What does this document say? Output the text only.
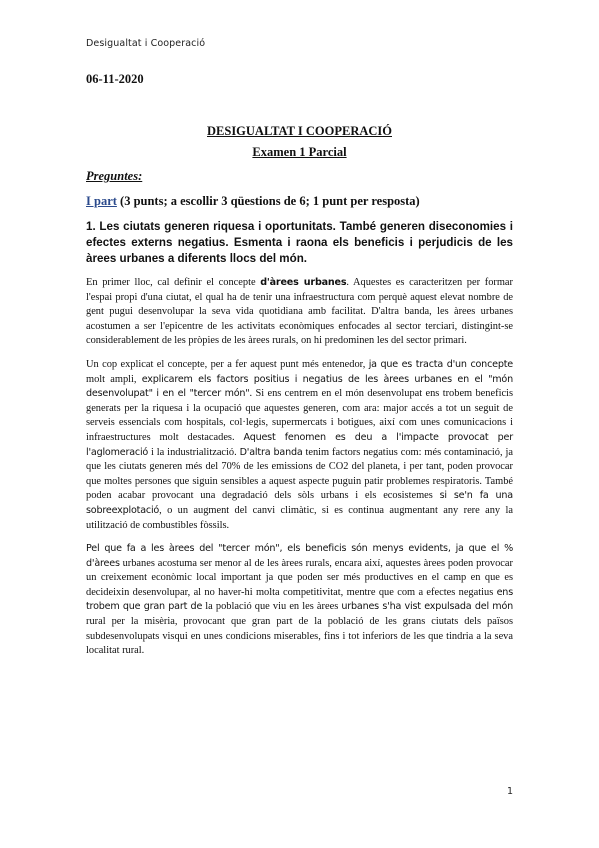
Desigualtat i Cooperació

06-11-2020

DESIGUALTAT I COOPERACIÓ
Examen 1 Parcial
Preguntes:
I part (3 punts; a escollir 3 qüestions de 6; 1 punt per resposta)
1. Les ciutats generen riquesa i oportunitats. També generen diseconomies i efectes externs negatius. Esmenta i raona els beneficis i perjudicis de les àrees urbanes a diferents llocs del món.
En primer lloc, cal definir el concepte d'àrees urbanes. Aquestes es caracteritzen per formar l'espai propi d'una ciutat, el qual ha de tenir una infraestructura com perquè aquest elevat nombre de gent pugui desenvolupar la seva vida quotidiana amb facilitat. D'altra banda, les àrees urbanes acostumen a ser l'epicentre de les activitats econòmiques enfocades al sector terciari, distingint-se considerablement de les pròpies de les àrees rurals, on hi predominen les del sector primari.
Un cop explicat el concepte, per a fer aquest punt més entenedor, ja que es tracta d'un concepte molt ampli, explicarem els factors positius i negatius de les àrees urbanes en el "món desenvolupat" i en el "tercer món". Si ens centrem en el món desenvolupat ens trobem beneficis generats per la riquesa i la ocupació que aquestes generen, com ara: major accés a tot un seguit de serveis essencials com hospitals, col·legis, supermercats i botigues, així com unes comunicacions i infraestructures molt destacades. Aquest fenomen es deu a l'impacte provocat per l'aglomeració i la industrialització. D'altra banda tenim factors negatius com: més contaminació, ja que les ciutats generen més del 70% de les emissions de CO2 del planeta, i per tant, poden provocar que moltes persones que siguin sensibles a aquest aspecte puguin patir problemes respiratoris. També poden acabar provocant una degradació dels sòls urbans i els ecosistemes si se'n fa una sobreexplotació, o un augment del canvi climàtic, si es continua augmentant any rere any la utilització de combustibles fòssils.
Pel que fa a les àrees del "tercer món", els beneficis són menys evidents, ja que el % d'àrees urbanes acostuma ser menor al de les àrees rurals, encara així, aquestes àrees poden provocar un creixement econòmic local important ja que poden ser més productives en el camp en que es decideixin desenvolupar, al no haver-hi molta competitivitat, mentre que com a efectes negatius ens trobem que gran part de la població que viu en les àrees urbanes s'ha vist expulsada del món rural per la misèria, provocant que gran part de la població de les grans ciutats dels països subdesenvolupats visqui en unes condicions miserables, fins i tot inferiors de les que tindria a la seva localitat rural.
1
